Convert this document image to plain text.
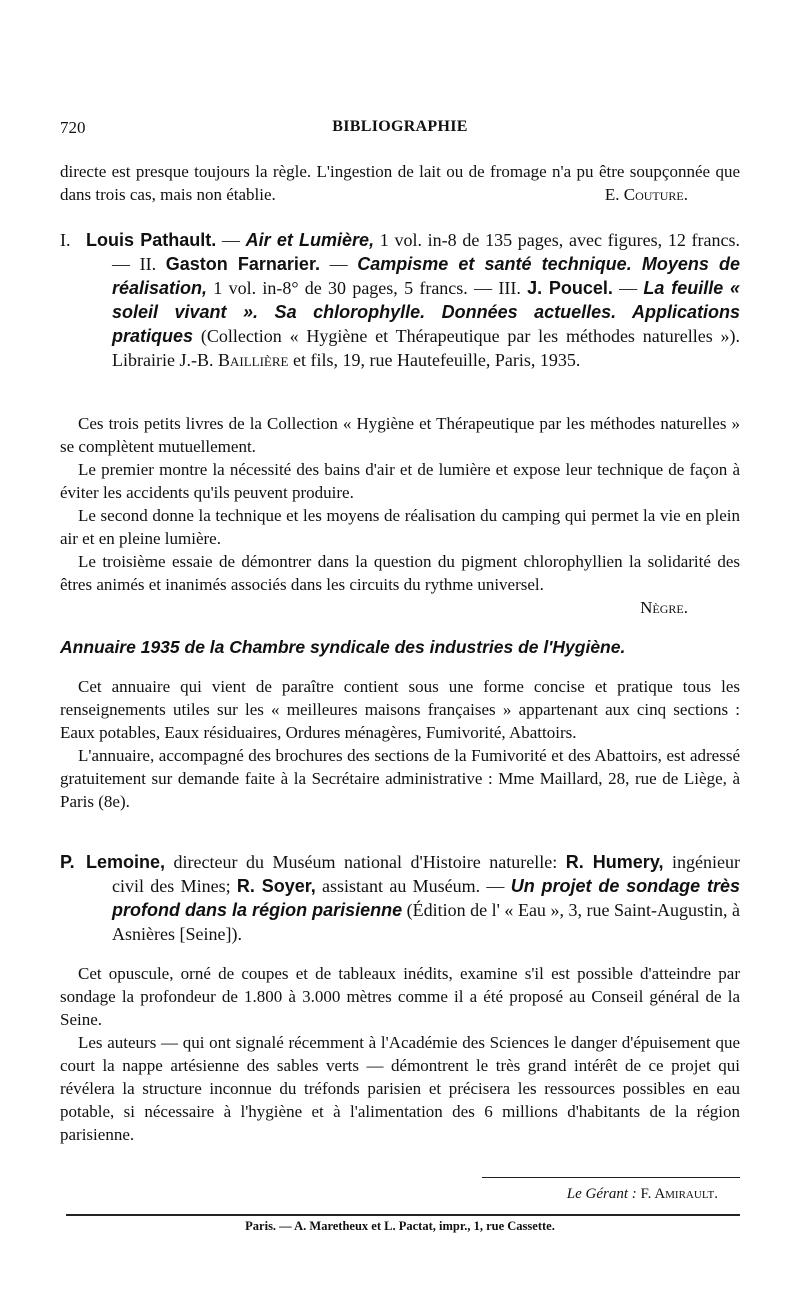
720	BIBLIOGRAPHIE

directe est presque toujours la règle. L'ingestion de lait ou de fromage n'a pu être soupçonnée que dans trois cas, mais non établie.	E. Couture.

I. Louis Pathault. — Air et Lumière, 1 vol. in-8 de 135 pages, avec figures, 12 francs. — II. Gaston Farnarier. — Campisme et santé technique. Moyens de réalisation, 1 vol. in-8° de 30 pages, 5 francs. — III. J. Poucel. — La feuille « soleil vivant ». Sa chlorophylle. Données actuelles. Applications pratiques (Collection « Hygiène et Thérapeutique par les méthodes naturelles »). Librairie J.-B. Baillière et fils, 19, rue Hautefeuille, Paris, 1935.

Ces trois petits livres de la Collection « Hygiène et Thérapeutique par les méthodes naturelles » se complètent mutuellement.

Le premier montre la nécessité des bains d'air et de lumière et expose leur technique de façon à éviter les accidents qu'ils peuvent produire.

Le second donne la technique et les moyens de réalisation du camping qui permet la vie en plein air et en pleine lumière.

Le troisième essaie de démontrer dans la question du pigment chlorophyllien la solidarité des êtres animés et inanimés associés dans les circuits du rythme universel.

Nègre.
Annuaire 1935 de la Chambre syndicale des industries de l'Hygiène.

Cet annuaire qui vient de paraître contient sous une forme concise et pratique tous les renseignements utiles sur les « meilleures maisons françaises » appartenant aux cinq sections : Eaux potables, Eaux résiduaires, Ordures ménagères, Fumivorité, Abattoirs.

L'annuaire, accompagné des brochures des sections de la Fumivorité et des Abattoirs, est adressé gratuitement sur demande faite à la Secrétaire administrative : Mme Maillard, 28, rue de Liège, à Paris (8e).

P. Lemoine, directeur du Muséum national d'Histoire naturelle: R. Humery, ingénieur civil des Mines; R. Soyer, assistant au Muséum. — Un projet de sondage très profond dans la région parisienne (Édition de l' « Eau », 3, rue Saint-Augustin, à Asnières [Seine]).

Cet opuscule, orné de coupes et de tableaux inédits, examine s'il est possible d'atteindre par sondage la profondeur de 1.800 à 3.000 mètres comme il a été proposé au Conseil général de la Seine.

Les auteurs — qui ont signalé récemment à l'Académie des Sciences le danger d'épuisement que court la nappe artésienne des sables verts — démontrent le très grand intérêt de ce projet qui révélera la structure inconnue du tréfonds parisien et précisera les ressources possibles en eau potable, si nécessaire à l'hygiène et à l'alimentation des 6 millions d'habitants de la région parisienne.

Le Gérant : F. Amirault.
Paris. — A. Maretheux et L. Pactat, impr., 1, rue Cassette.
